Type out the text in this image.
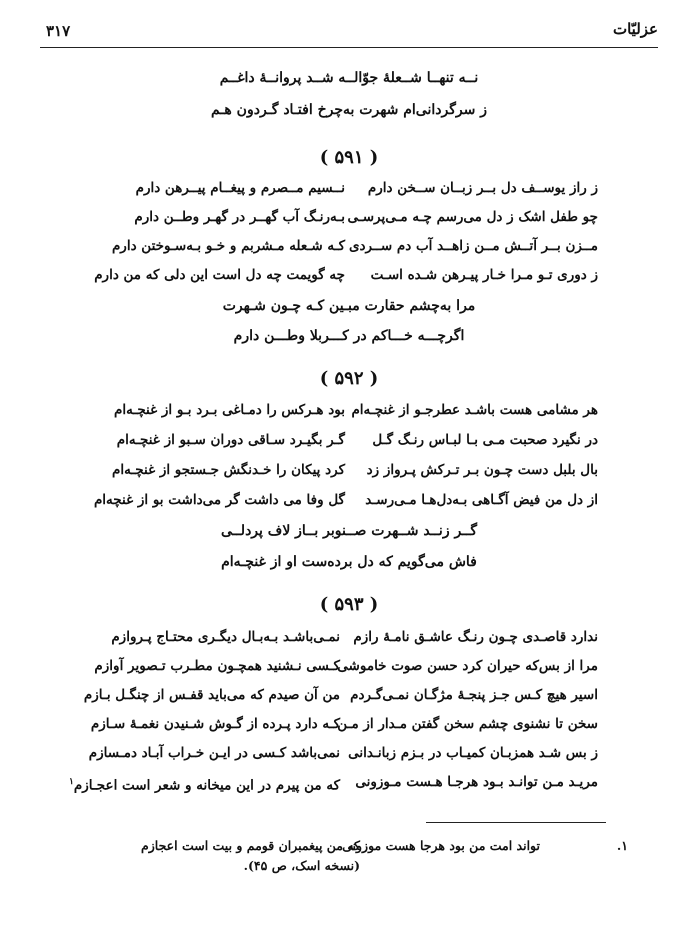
۳۱۷	عزلیّات
نــه تنهــا شــعلهٔ جوّالــه شــد پروانــهٔ داغــم
ز سرگردانی‌ام شهرت به‌چرخ افتـاد گـردون هـم
( ۵۹۱ )
ز راز یوســف دل بــر زبــان ســخن دارم
نــسیم مــصرم و پیغــام پیــرهن دارم
چو طفل اشک ز دل می‌رسم چـه مـی‌پرسـی
بـه‌رنـگ آب گهــر در گهـر وطــن دارم
مــزن بــر آتــش مــن زاهــد آب دم ســردی
کـه شـعله مـشربم و خـو بـه‌سـوختن دارم
ز دوری تـو مـرا خـار پیـرهن شـده اسـت
چه گویمت چه دل است این دلی که من دارم
مرا به‌چشم حقارت مبـین کـه چـون شـهرت
اگرچـــه خـــاکم در کـــربلا وطـــن دارم
( ۵۹۲ )
هر مشامی هست باشـد عطرجـو از غنچـه‌ام
بود هـرکس را دمـاغی بـرد بـو از غنچـه‌ام
در نگیرد صحبت مـی بـا لبـاس رنـگ گـل
گـر بگیـرد سـاقی دوران سـبو از غنچـه‌ام
بال بلبل دست چـون بـر تـرکش پـرواز زد
کرد پیکان را خـدنگش جـستجو از غنچـه‌ام
از دل من فیض آگـاهی بـه‌دل‌هـا مـی‌رسـد
گل وفا می داشت گر می‌داشت بو از غنچه‌ام
گــر زنــد شــهرت صــنوبر بــاز لاف پردلــی
فاش می‌گویم که دل برده‌ست او از غنچـه‌ام
( ۵۹۳ )
ندارد قاصـدی چـون رنـگ عاشـق نامـهٔ رازم
نمـی‌باشـد بـه‌بـال دیگـری محتـاج پـروازم
مرا از بس‌که حیران کرد حسن صوت خاموشی
کـسی نـشنید همچـون مطـرب تـصویر آوازم
اسیر هیچ کـس جـز پنجـهٔ مژگـان نمـی‌گـردم
من آن صیدم که می‌باید قفـس از چنگـل بـازم
سخن تا نشنوی چشم سخن گفتن مـدار از مـن
کـه دارد پـرده از گـوش شـنیدن نغمـهٔ سـازم
ز بس شـد همزبـان کمیـاب در بـزم زبانـدانی
نمی‌باشد کـسی در ایـن خـراب آبـاد دمـسازم
مریـد مـن توانـد بـود هرجـا هـست مـوزونی
که من پیرم در این میخانه و شعر است اعجـازم$^۱$
۱.
تواند امت من بود هرجا هست موزونی
که من پیغمبران قومم و بیت است اعجازم
(نسخه اسک، ص ۴۵).
